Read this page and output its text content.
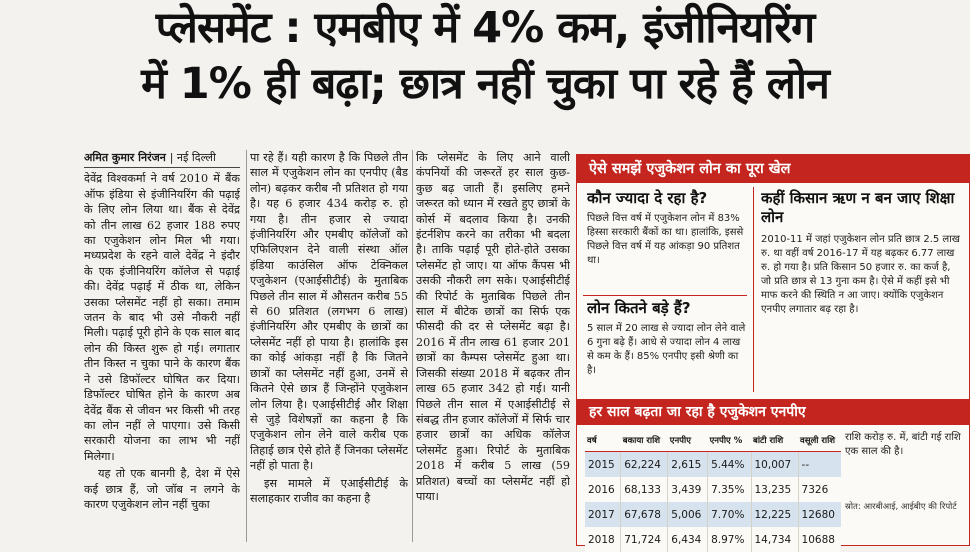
प्लेसमेंट : एमबीए में 4% कम, इंजीनियरिंग
में 1% ही बढ़ा; छात्र नहीं चुका पा रहे हैं लोन
अमित कुमार निरंजन | नई दिल्ली

देवेंद्र विश्वकर्मा ने वर्ष 2010 में बैंक ऑफ इंडिया से इंजीनियरिंग की पढ़ाई के लिए लोन लिया था। बैंक से देवेंद्र को तीन लाख 62 हजार 188 रुपए का एजुकेशन लोन मिल भी गया। मध्यप्रदेश के रहने वाले देवेंद्र ने इंदौर के एक इंजीनियरिंग कॉलेज से पढ़ाई की। देवेंद्र पढ़ाई में ठीक था, लेकिन उसका प्लेसमेंट नहीं हो सका। तमाम जतन के बाद भी उसे नौकरी नहीं मिली। पढ़ाई पूरी होने के एक साल बाद लोन की किस्त शुरू हो गई। लगातार तीन किस्त न चुका पाने के कारण बैंक ने उसे डिफॉल्टर घोषित कर दिया। डिफॉल्टर घोषित होने के कारण अब देवेंद्र बैंक से जीवन भर किसी भी तरह का लोन नहीं ले पाएगा। उसे किसी सरकारी योजना का लाभ भी नहीं मिलेगा।

यह तो एक बानगी है, देश में ऐसे कई छात्र हैं, जो जॉब न लगने के कारण एजुकेशन लोन नहीं चुका

पा रहे हैं। यही कारण है कि पिछले तीन साल में एजुकेशन लोन का एनपीए (बैड लोन) बढ़कर करीब नौ प्रतिशत हो गया है। यह 6 हजार 434 करोड़ रु. हो गया है। तीन हजार से ज्यादा इंजीनियरिंग और एमबीए कॉलेजों को एफिलिएशन देने वाली संस्था ऑल इंडिया काउंसिल ऑफ टेक्निकल एजुकेशन (एआईसीटीई) के मुताबिक पिछले तीन साल में औसतन करीब 55 से 60 प्रतिशत (लगभग 6 लाख) इंजीनियरिंग और एमबीए के छात्रों का प्लेसमेंट नहीं हो पाया है। हालांकि इस का कोई आंकड़ा नहीं है कि जितने छात्रों का प्लेसमेंट नहीं हुआ, उनमें से कितने ऐसे छात्र हैं जिन्होंने एजुकेशन लोन लिया है। एआईसीटीई और शिक्षा से जुड़े विशेषज्ञों का कहना है कि एजुकेशन लोन लेने वाले करीब एक तिहाई छात्र ऐसे होते हैं जिनका प्लेसमेंट नहीं हो पाता है।

इस मामले में एआईसीटीई के सलाहकार राजीव का कहना है

कि प्लेसमेंट के लिए आने वाली कंपनियों की जरूरतें हर साल कुछ-कुछ बढ़ जाती हैं। इसलिए हमने जरूरत को ध्यान में रखते हुए छात्रों के कोर्स में बदलाव किया है। उनकी इंटर्नशिप करने का तरीका भी बदला है। ताकि पढ़ाई पूरी होते-होते उसका प्लेसमेंट हो जाए। या ऑफ कैंपस भी उसकी नौकरी लग सके। एआईसीटीई की रिपोर्ट के मुताबिक पिछले तीन साल में बीटेक छात्रों का सिर्फ एक फीसदी की दर से प्लेसमेंट बढ़ा है। 2016 में तीन लाख 61 हजार 201 छात्रों का कैम्पस प्लेसमेंट हुआ था। जिसकी संख्या 2018 में बढ़कर तीन लाख 65 हजार 342 हो गई। यानी पिछले तीन साल में एआईसीटीई से संबद्ध तीन हजार कॉलेजों में सिर्फ चार हजार छात्रों का अधिक कॉलेज प्लेसमेंट हुआ। रिपोर्ट के मुताबिक 2018 में करीब 5 लाख (59 प्रतिशत) बच्चों का प्लेसमेंट नहीं हो पाया।

ऐसे समझें एजुकेशन लोन का पूरा खेल
कौन ज्यादा दे रहा है?
पिछले वित्त वर्ष में एजुकेशन लोन में 83% हिस्सा सरकारी बैंकों का था। हालांकि, इससे पिछले वित्त वर्ष में यह आंकड़ा 90 प्रतिशत था।
लोन कितने बड़े हैं?
5 साल में 20 लाख से ज्यादा लोन लेने वाले 6 गुना बढ़े हैं। आधे से ज्यादा लोन 4 लाख से कम के हैं। 85% एनपीए इसी श्रेणी का है।
कहीं किसान ऋण न बन जाए शिक्षा लोन
2010-11 में जहां एजुकेशन लोन प्रति छात्र 2.5 लाख रु. था वहीं वर्ष 2016-17 में यह बढ़कर 6.77 लाख रु. हो गया है। प्रति किसान 50 हजार रु. का कर्ज है, जो प्रति छात्र से 13 गुना कम है। ऐसे में कहीं इसे भी माफ करने की स्थिति न आ जाए। क्योंकि एजुकेशन एनपीए लगातार बढ़ रहा है।
हर साल बढ़ता जा रहा है एजुकेशन एनपीए
वर्ष	बकाया राशि	एनपीए	एनपीए %	बांटी राशि	वसूली राशि
2015	62,224	2,615	5.44%	10,007	--
2016	68,133	3,439	7.35%	13,235	7326
2017	67,678	5,006	7.70%	12,225	12680
2018	71,724	6,434	8.97%	14,734	10688
राशि करोड़ रु. में, बांटी गई राशि एक साल की है।
स्रोत: आरबीआई, आईबीए की रिपोर्ट
